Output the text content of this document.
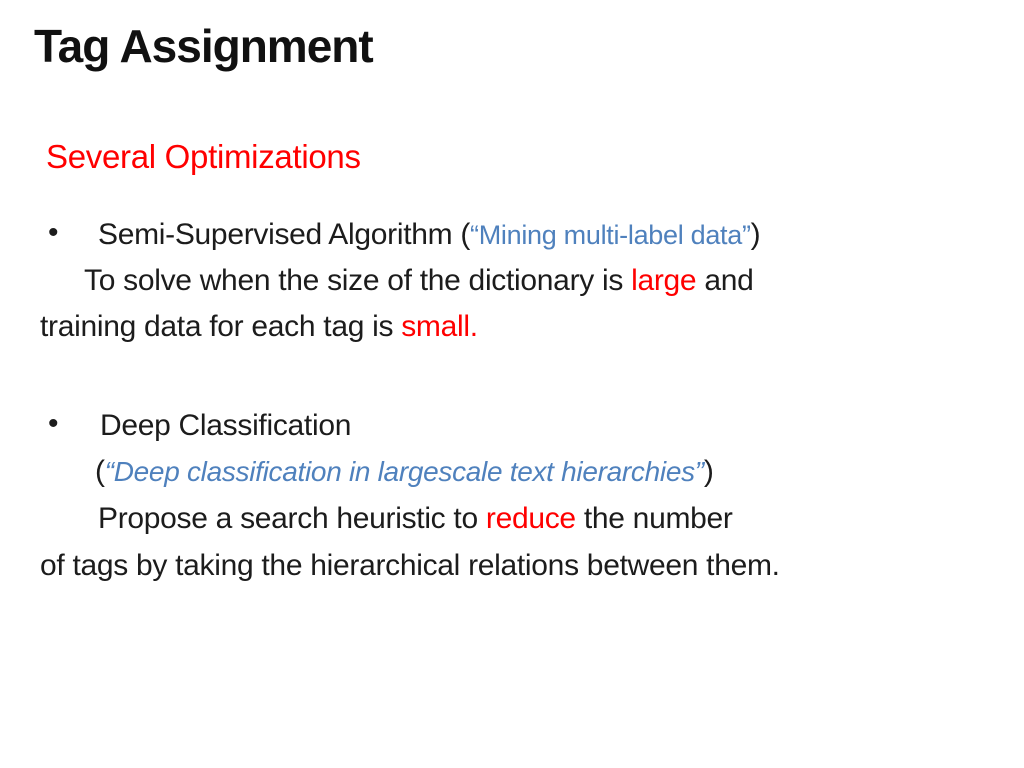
Tag Assignment
Several Optimizations
• Semi-Supervised Algorithm (“Mining multi-label data”)
To solve when the size of the dictionary is large and
training data for each tag is small.
• Deep Classification
(“Deep classification in largescale text hierarchies”)
Propose a search heuristic to reduce the number
of tags by taking the hierarchical relations between them.
